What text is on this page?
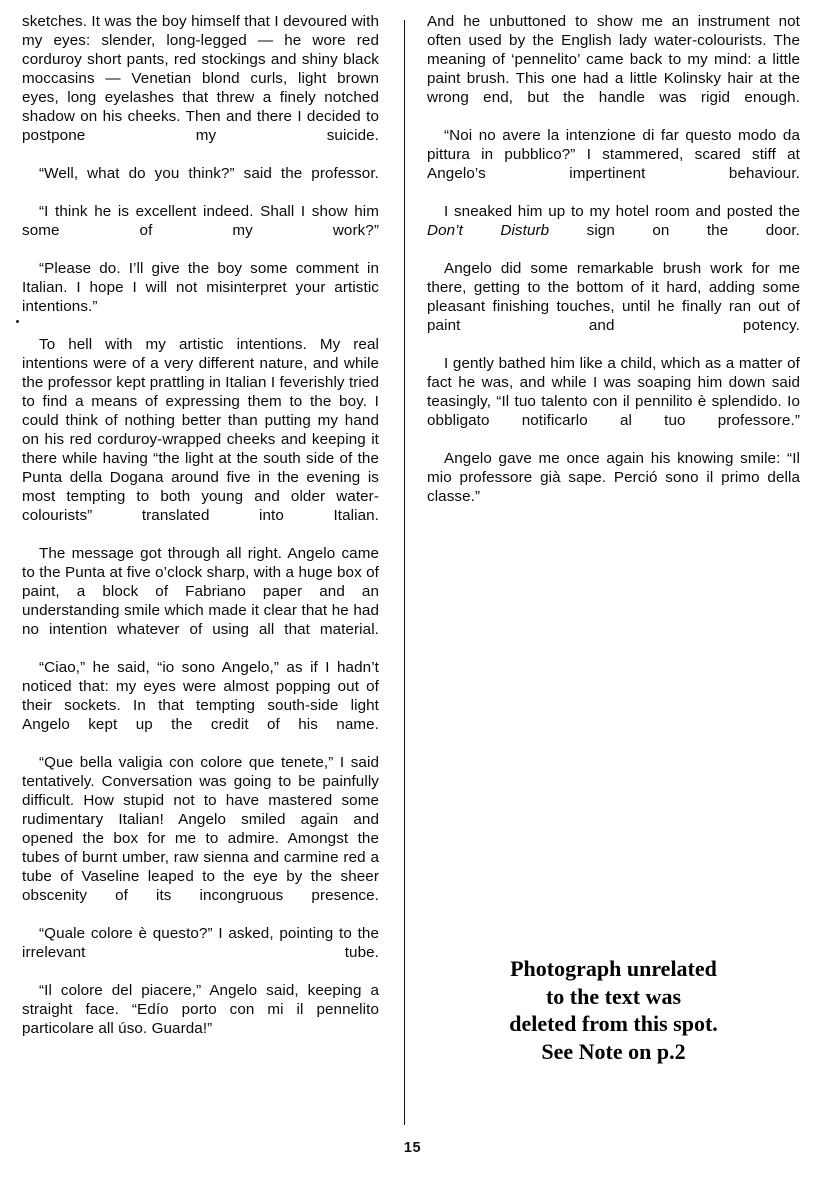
sketches. It was the boy himself that I devoured with my eyes: slender, long-legged — he wore red corduroy short pants, red stockings and shiny black moccasins — Venetian blond curls, light brown eyes, long eyelashes that threw a finely notched shadow on his cheeks. Then and there I decided to postpone my suicide.

“Well, what do you think?” said the professor.

“I think he is excellent indeed. Shall I show him some of my work?”

“Please do. I’ll give the boy some comment in Italian. I hope I will not misinterpret your artistic intentions.”

To hell with my artistic intentions. My real intentions were of a very different nature, and while the professor kept prattling in Italian I feverishly tried to find a means of expressing them to the boy. I could think of nothing better than putting my hand on his red corduroy-wrapped cheeks and keeping it there while having “the light at the south side of the Punta della Dogana around five in the evening is most tempting to both young and older water-colourists” translated into Italian.

The message got through all right. Angelo came to the Punta at five o’clock sharp, with a huge box of paint, a block of Fabriano paper and an understanding smile which made it clear that he had no intention whatever of using all that material.

“Ciao,” he said, “io sono Angelo,” as if I hadn’t noticed that: my eyes were almost popping out of their sockets. In that tempting south-side light Angelo kept up the credit of his name.

“Que bella valigia con colore que tenete,” I said tentatively. Conversation was going to be painfully difficult. How stupid not to have mastered some rudimentary Italian! Angelo smiled again and opened the box for me to admire. Amongst the tubes of burnt umber, raw sienna and carmine red a tube of Vaseline leaped to the eye by the sheer obscenity of its incongruous presence.

“Quale colore è questo?” I asked, pointing to the irrelevant tube.

“Il colore del piacere,” Angelo said, keeping a straight face. “Edío porto con mi il pennelito particolare all úso. Guarda!”

And he unbuttoned to show me an instrument not often used by the English lady water-colourists. The meaning of ‘pennelito’ came back to my mind: a little paint brush. This one had a little Kolinsky hair at the wrong end, but the handle was rigid enough.

“Noi no avere la intenzione di far questo modo da pittura in pubblico?” I stammered, scared stiff at Angelo’s impertinent behaviour.

I sneaked him up to my hotel room and posted the Don’t Disturb sign on the door.

Angelo did some remarkable brush work for me there, getting to the bottom of it hard, adding some pleasant finishing touches, until he finally ran out of paint and potency.

I gently bathed him like a child, which as a matter of fact he was, and while I was soaping him down said teasingly, “Il tuo talento con il pennilito è splendido. Io obbligato notificarlo al tuo professore.”

Angelo gave me once again his knowing smile: “Il mio professore già sape. Perció sono il primo della classe.”

Photograph unrelated
to the text was
deleted from this spot.
See Note on p.2
15
